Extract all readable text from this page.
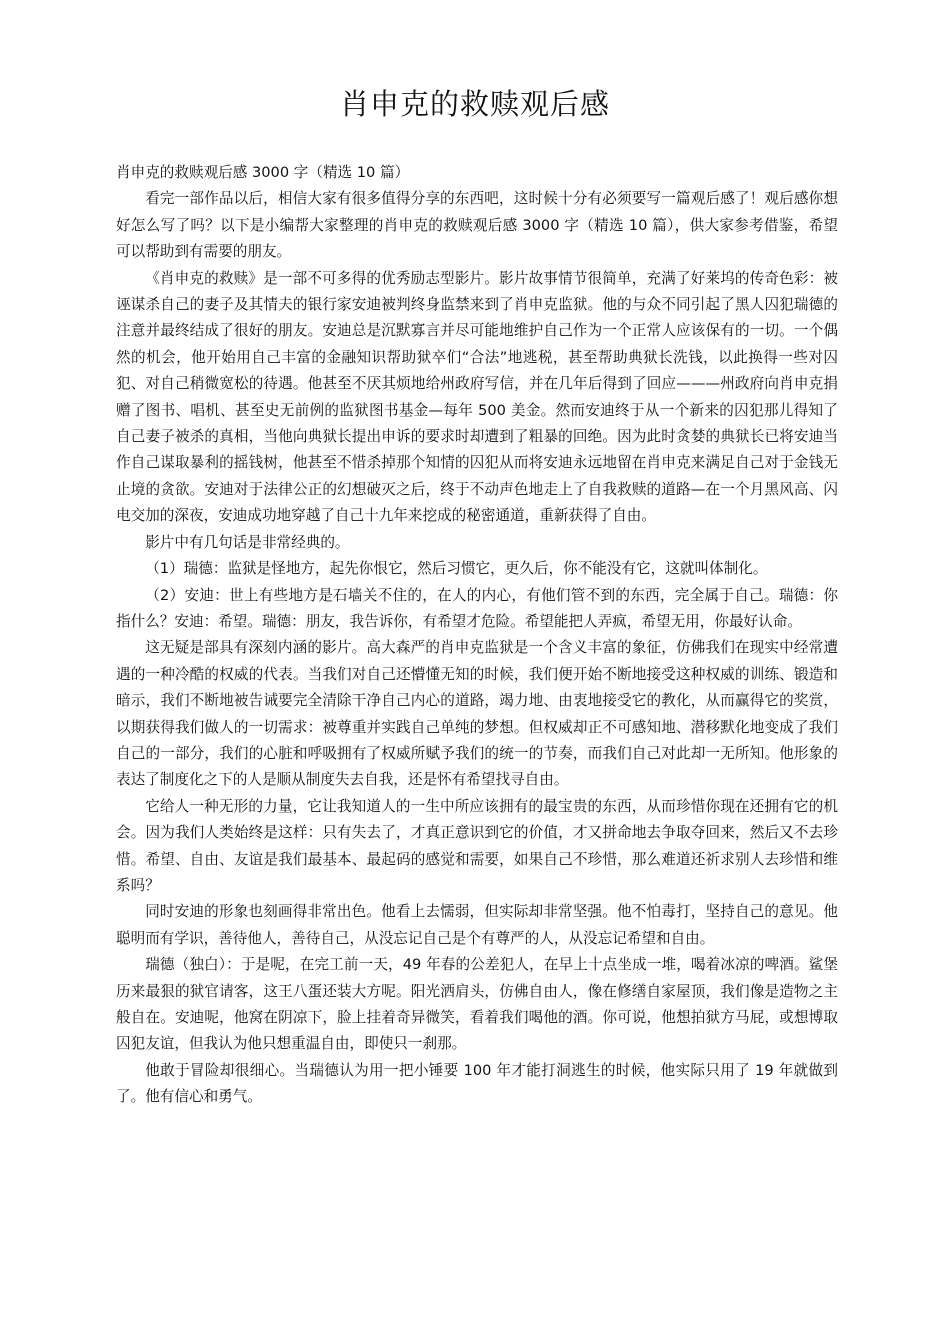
肖申克的救赎观后感

肖申克的救赎观后感 3000 字（精选 10 篇）

看完一部作品以后，相信大家有很多值得分享的东西吧，这时候十分有必须要写一篇观后感了！观后感你想好怎么写了吗？以下是小编帮大家整理的肖申克的救赎观后感 3000 字（精选 10 篇），供大家参考借鉴，希望可以帮助到有需要的朋友。

《肖申克的救赎》是一部不可多得的优秀励志型影片。影片故事情节很简单，充满了好莱坞的传奇色彩：被诬谋杀自己的妻子及其情夫的银行家安迪被判终身监禁来到了肖申克监狱。他的与众不同引起了黑人囚犯瑞德的注意并最终结成了很好的朋友。安迪总是沉默寡言并尽可能地维护自己作为一个正常人应该保有的一切。一个偶然的机会，他开始用自己丰富的金融知识帮助狱卒们“合法”地逃税，甚至帮助典狱长洗钱，以此换得一些对囚犯、对自己稍微宽松的待遇。他甚至不厌其烦地给州政府写信，并在几年后得到了回应———州政府向肖申克捐赠了图书、唱机、甚至史无前例的监狱图书基金—每年 500 美金。然而安迪终于从一个新来的囚犯那儿得知了自己妻子被杀的真相，当他向典狱长提出申诉的要求时却遭到了粗暴的回绝。因为此时贪婪的典狱长已将安迪当作自己谋取暴利的摇钱树，他甚至不惜杀掉那个知情的囚犯从而将安迪永远地留在肖申克来满足自己对于金钱无止境的贪欲。安迪对于法律公正的幻想破灭之后，终于不动声色地走上了自我救赎的道路—在一个月黑风高、闪电交加的深夜，安迪成功地穿越了自己十九年来挖成的秘密通道，重新获得了自由。

影片中有几句话是非常经典的。

（1）瑞德：监狱是怪地方，起先你恨它，然后习惯它，更久后，你不能没有它，这就叫体制化。

（2）安迪：世上有些地方是石墙关不住的，在人的内心，有他们管不到的东西，完全属于自己。瑞德：你指什么？安迪：希望。瑞德：朋友，我告诉你，有希望才危险。希望能把人弄疯，希望无用，你最好认命。

这无疑是部具有深刻内涵的影片。高大森严的肖申克监狱是一个含义丰富的象征，仿佛我们在现实中经常遭遇的一种冷酷的权威的代表。当我们对自己还懵懂无知的时候，我们便开始不断地接受这种权威的训练、锻造和暗示，我们不断地被告诫要完全清除干净自己内心的道路，竭力地、由衷地接受它的教化，从而赢得它的奖赏，以期获得我们做人的一切需求：被尊重并实践自己单纯的梦想。但权威却正不可感知地、潜移默化地变成了我们自己的一部分，我们的心脏和呼吸拥有了权威所赋予我们的统一的节奏，而我们自己对此却一无所知。他形象的表达了制度化之下的人是顺从制度失去自我，还是怀有希望找寻自由。

它给人一种无形的力量，它让我知道人的一生中所应该拥有的最宝贵的东西，从而珍惜你现在还拥有它的机会。因为我们人类始终是这样：只有失去了，才真正意识到它的价值，才又拼命地去争取夺回来，然后又不去珍惜。希望、自由、友谊是我们最基本、最起码的感觉和需要，如果自己不珍惜，那么难道还祈求别人去珍惜和维系吗？

同时安迪的形象也刻画得非常出色。他看上去懦弱，但实际却非常坚强。他不怕毒打，坚持自己的意见。他聪明而有学识，善待他人，善待自己，从没忘记自己是个有尊严的人，从没忘记希望和自由。

瑞德（独白）：于是呢，在完工前一天，49 年春的公差犯人，在早上十点坐成一堆，喝着冰凉的啤酒。鲨堡历来最狠的狱官请客，这王八蛋还装大方呢。阳光洒肩头，仿佛自由人，像在修缮自家屋顶，我们像是造物之主般自在。安迪呢，他窝在阴凉下，脸上挂着奇异微笑，看着我们喝他的酒。你可说，他想拍狱方马屁，或想博取囚犯友谊，但我认为他只想重温自由，即使只一刹那。

他敢于冒险却很细心。当瑞德认为用一把小锤要 100 年才能打洞逃生的时候，他实际只用了 19 年就做到了。他有信心和勇气。
